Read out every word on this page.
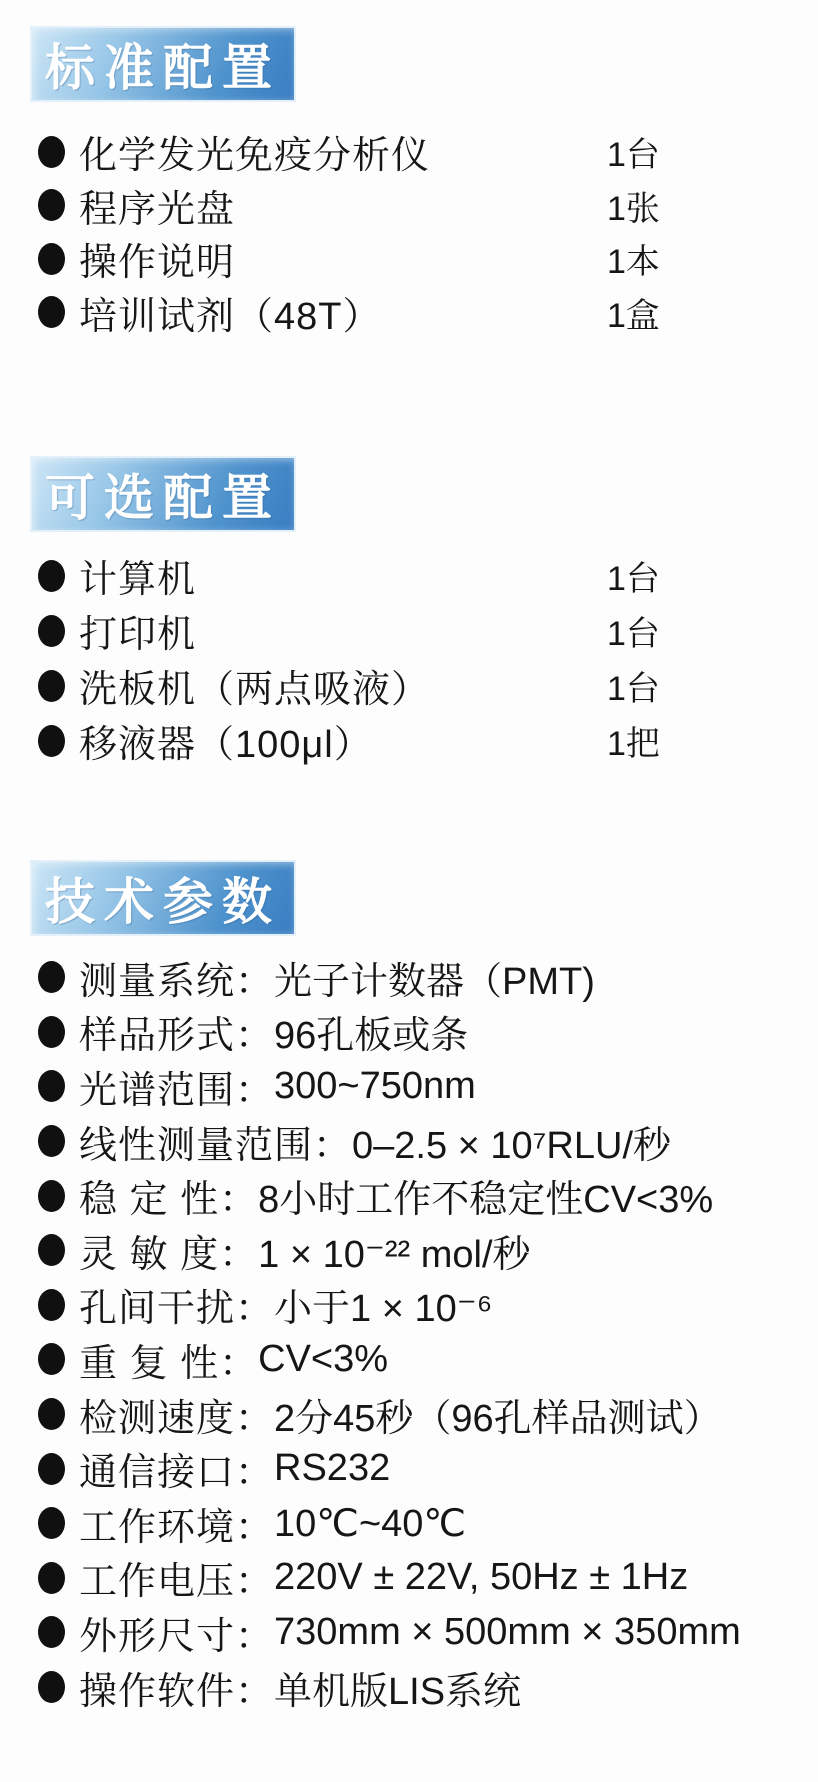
标准配置
化学发光免疫分析仪	1台
程序光盘	1张
操作说明	1本
培训试剂（48T）	1盒
可选配置
计算机	1台
打印机	1台
洗板机（两点吸液）	1台
移液器（100μl）	1把
技术参数
测量系统： 光子计数器（PMT)
样品形式： 96孔板或条
光谱范围： 300~750nm
线性测量范围： 0–2.5 × 10⁷RLU/秒
稳 定 性： 8小时工作不稳定性CV<3%
灵 敏 度： 1 × 10⁻²² mol/秒
孔间干扰： 小于1 × 10⁻⁶
重 复 性： CV<3%
检测速度： 2分45秒（96孔样品测试）
通信接口： RS232
工作环境： 10℃~40℃
工作电压： 220V ± 22V, 50Hz ± 1Hz
外形尺寸： 730mm × 500mm × 350mm
操作软件： 单机版LIS系统
